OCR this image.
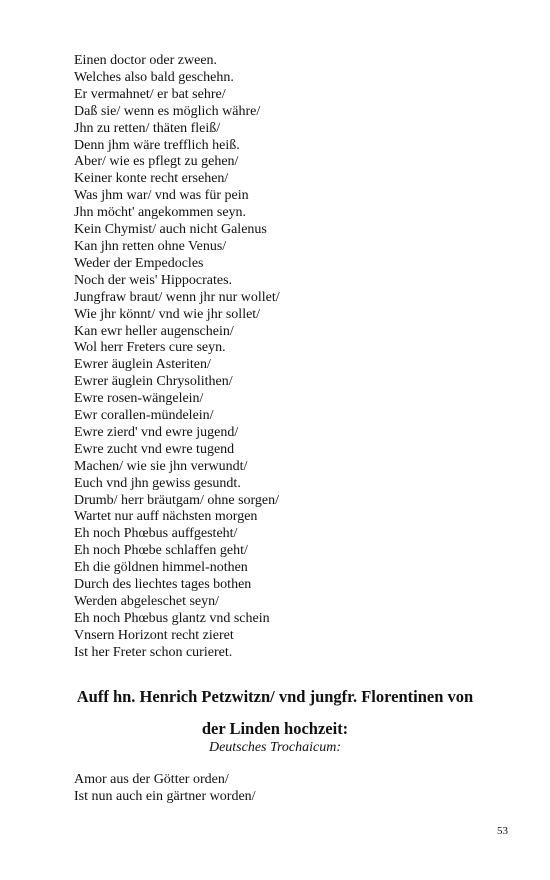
Einen doctor oder zween.
Welches also bald geschehn.
Er vermahnet/ er bat sehre/
Daß sie/ wenn es möglich währe/
Jhn zu retten/ thäten fleiß/
Denn jhm wäre trefflich heiß.
Aber/ wie es pflegt zu gehen/
Keiner konte recht ersehen/
Was jhm war/ vnd was für pein
Jhn möcht' angekommen seyn.
Kein Chymist/ auch nicht Galenus
Kan jhn retten ohne Venus/
Weder der Empedocles
Noch der weis' Hippocrates.
Jungfraw braut/ wenn jhr nur wollet/
Wie jhr könnt/ vnd wie jhr sollet/
Kan ewr heller augenschein/
Wol herr Freters cure seyn.
Ewrer äuglein Asteriten/
Ewrer äuglein Chrysolithen/
Ewre rosen-wängelein/
Ewr corallen-mündelein/
Ewre zierd' vnd ewre jugend/
Ewre zucht vnd ewre tugend
Machen/ wie sie jhn verwundt/
Euch vnd jhn gewiss gesundt.
Drumb/ herr bräutgam/ ohne sorgen/
Wartet nur auff nächsten morgen
Eh noch Phœbus auffgesteht/
Eh noch Phœbe schlaffen geht/
Eh die göldnen himmel-nothen
Durch des liechtes tages bothen
Werden abgeleschet seyn/
Eh noch Phœbus glantz vnd schein
Vnsern Horizont recht zieret
Ist her Freter schon curieret.
Auff hn. Henrich Petzwitzn/ vnd jungfr. Florentinen von
der Linden hochzeit:
Deutsches Trochaicum:
Amor aus der Götter orden/
Ist nun auch ein gärtner worden/
53
